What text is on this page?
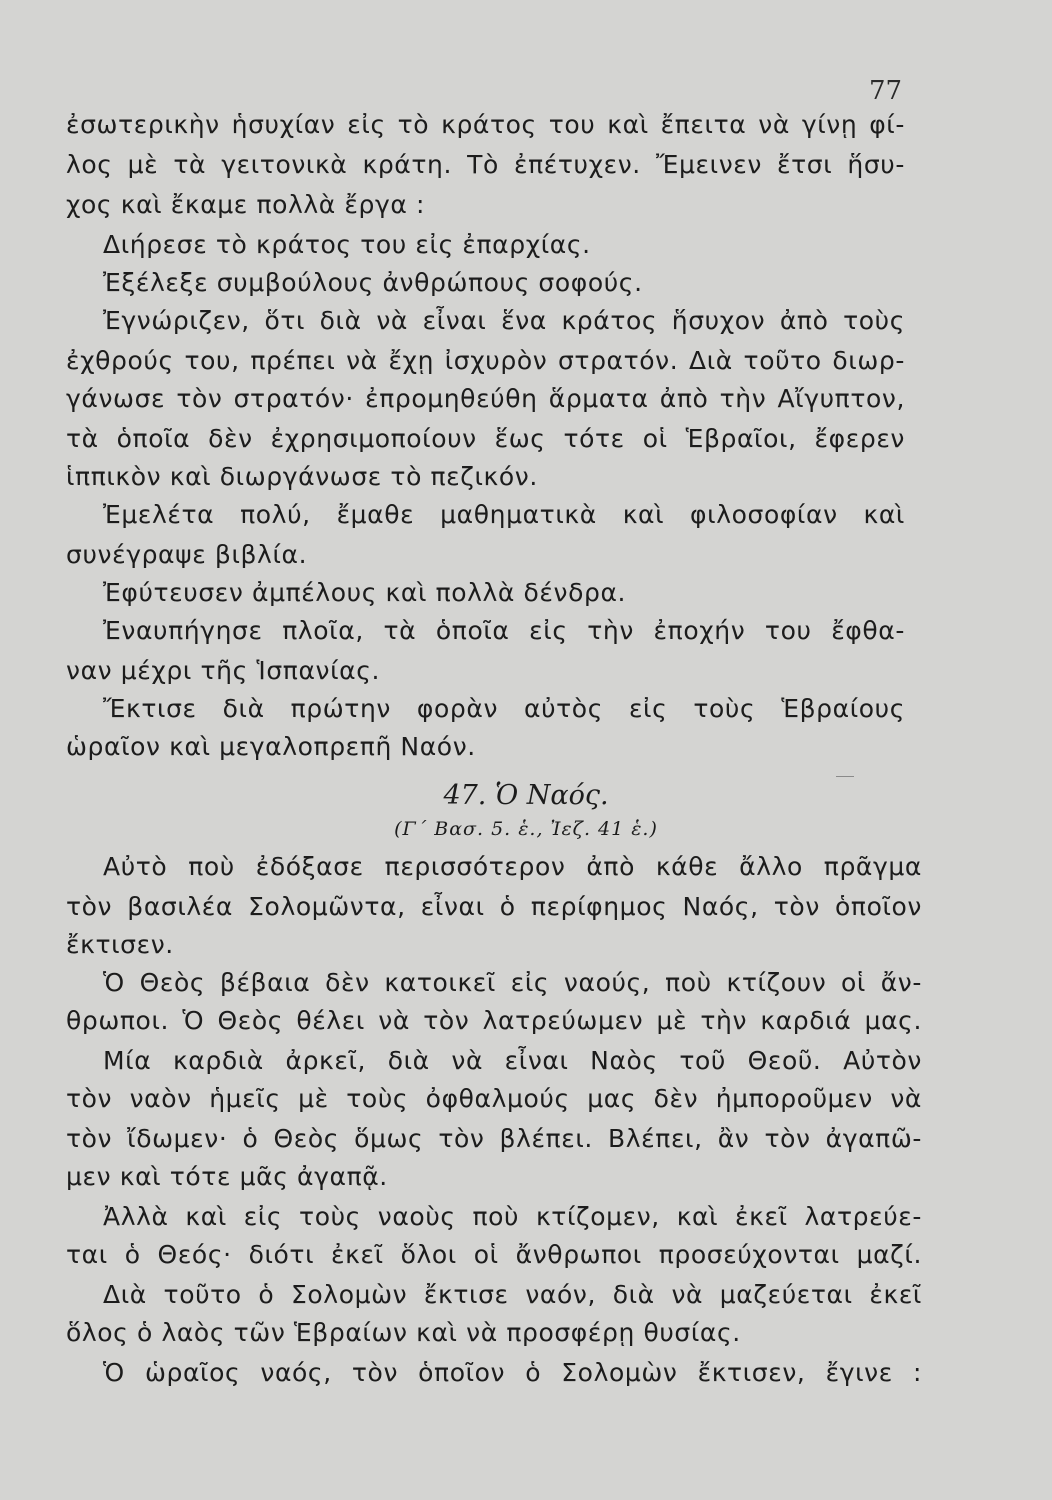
77
ἐσωτερικὴν ἡσυχίαν εἰς τὸ κράτος του καὶ ἔπειτα νὰ γίνῃ φί-
λος μὲ τὰ γειτονικὰ κράτη. Τὸ ἐπέτυχεν. Ἔμεινεν ἔτσι ἥσυ-
χος καὶ ἔκαμε πολλὰ ἔργα :
Διήρεσε τὸ κράτος του εἰς ἐπαρχίας.
Ἐξέλεξε συμβούλους ἀνθρώπους σοφούς.
Ἐγνώριζεν, ὅτι διὰ νὰ εἶναι ἕνα κράτος ἥσυχον ἀπὸ τοὺς
ἐχθρούς του, πρέπει νὰ ἔχῃ ἰσχυρὸν στρατόν. Διὰ τοῦτο διωρ-
γάνωσε τὸν στρατόν· ἐπρομηθεύθη ἅρματα ἀπὸ τὴν Αἴγυπτον,
τὰ ὁποῖα δὲν ἐχρησιμοποίουν ἕως τότε οἱ Ἑβραῖοι, ἔφερεν
ἱππικὸν καὶ διωργάνωσε τὸ πεζικόν.
Ἐμελέτα πολύ, ἔμαθε μαθηματικὰ καὶ φιλοσοφίαν καὶ
συνέγραψε βιβλία.
Ἐφύτευσεν ἀμπέλους καὶ πολλὰ δένδρα.
Ἐναυπήγησε πλοῖα, τὰ ὁποῖα εἰς τὴν ἐποχήν του ἔφθα-
ναν μέχρι τῆς Ἱσπανίας.
Ἔκτισε διὰ πρώτην φορὰν αὐτὸς εἰς τοὺς Ἑβραίους
ὡραῖον καὶ μεγαλοπρεπῆ Ναόν.
47. Ὁ Ναός.
(Γ΄ Βασ. 5. ἑ., Ἰεζ. 41 ἑ.)
Αὐτὸ ποὺ ἐδόξασε περισσότερον ἀπὸ κάθε ἄλλο πρᾶγμα
τὸν βασιλέα Σολομῶντα, εἶναι ὁ περίφημος Ναός, τὸν ὁποῖον
ἔκτισεν.
Ὁ Θεὸς βέβαια δὲν κατοικεῖ εἰς ναούς, ποὺ κτίζουν οἱ ἄν-
θρωποι. Ὁ Θεὸς θέλει νὰ τὸν λατρεύωμεν μὲ τὴν καρδιά μας.
Μία καρδιὰ ἀρκεῖ, διὰ νὰ εἶναι Ναὸς τοῦ Θεοῦ. Αὐτὸν
τὸν ναὸν ἡμεῖς μὲ τοὺς ὀφθαλμούς μας δὲν ἠμποροῦμεν νὰ
τὸν ἴδωμεν· ὁ Θεὸς ὅμως τὸν βλέπει. Βλέπει, ἂν τὸν ἀγαπῶ-
μεν καὶ τότε μᾶς ἀγαπᾷ.
Ἀλλὰ καὶ εἰς τοὺς ναοὺς ποὺ κτίζομεν, καὶ ἐκεῖ λατρεύε-
ται ὁ Θεός· διότι ἐκεῖ ὅλοι οἱ ἄνθρωποι προσεύχονται μαζί.
Διὰ τοῦτο ὁ Σολομὼν ἔκτισε ναόν, διὰ νὰ μαζεύεται ἐκεῖ
ὅλος ὁ λαὸς τῶν Ἑβραίων καὶ νὰ προσφέρῃ θυσίας.
Ὁ ὡραῖος ναός, τὸν ὁποῖον ὁ Σολομὼν ἔκτισεν, ἔγινε :
